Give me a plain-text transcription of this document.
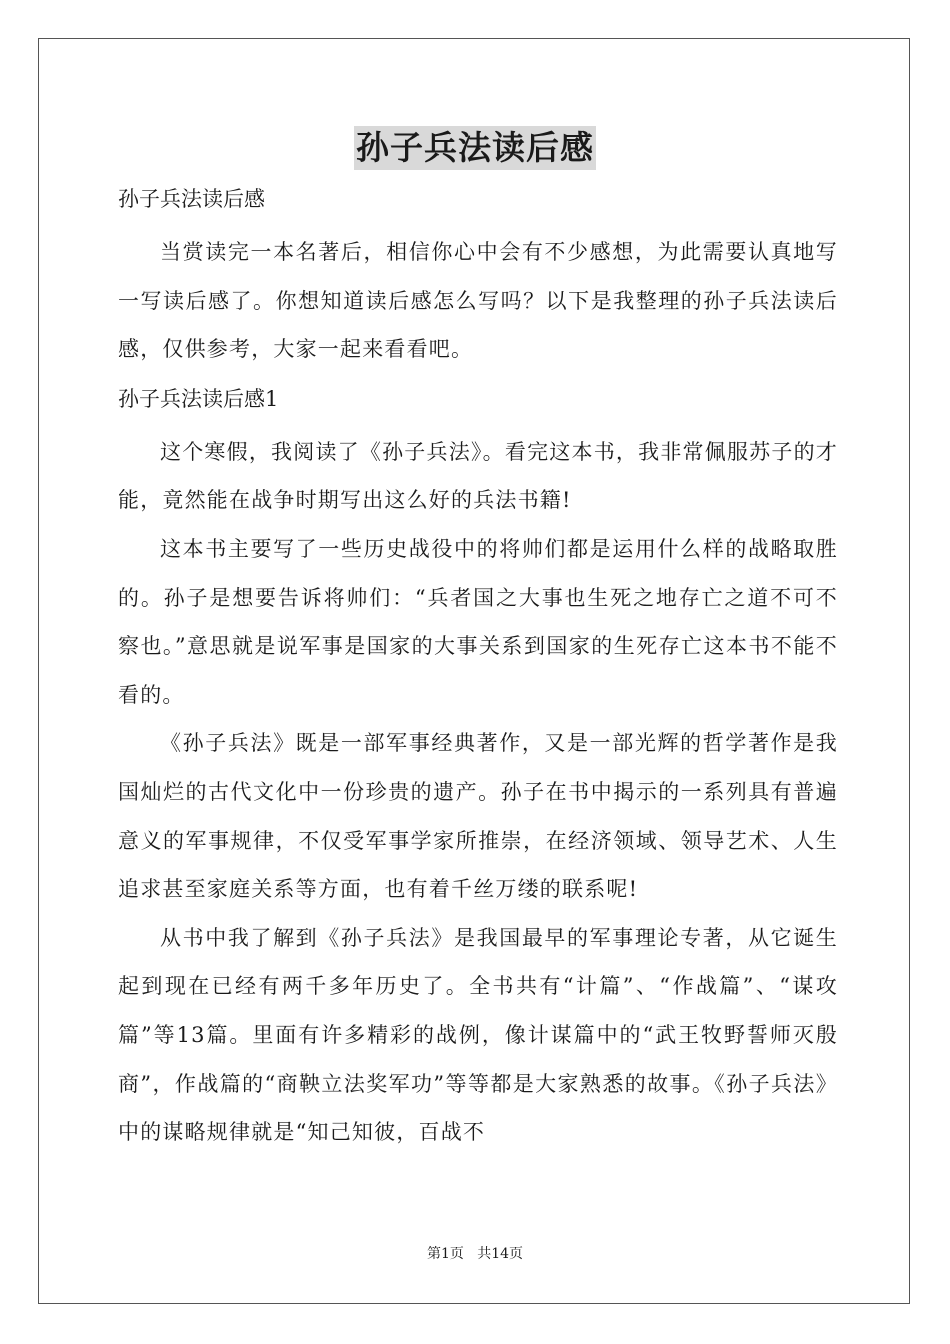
孙子兵法读后感

孙子兵法读后感

当赏读完一本名著后，相信你心中会有不少感想，为此需要认真地写一写读后感了。你想知道读后感怎么写吗？以下是我整理的孙子兵法读后感，仅供参考，大家一起来看看吧。

孙子兵法读后感1

这个寒假，我阅读了《孙子兵法》。看完这本书，我非常佩服苏子的才能，竟然能在战争时期写出这么好的兵法书籍!

这本书主要写了一些历史战役中的将帅们都是运用什么样的战略取胜的。孙子是想要告诉将帅们：“兵者国之大事也生死之地存亡之道不可不察也。”意思就是说军事是国家的大事关系到国家的生死存亡这本书不能不看的。

《孙子兵法》既是一部军事经典著作，又是一部光辉的哲学著作是我国灿烂的古代文化中一份珍贵的遗产。孙子在书中揭示的一系列具有普遍意义的军事规律，不仅受军事学家所推崇，在经济领域、领导艺术、人生追求甚至家庭关系等方面，也有着千丝万缕的联系呢!

从书中我了解到《孙子兵法》是我国最早的军事理论专著，从它诞生起到现在已经有两千多年历史了。全书共有“计篇”、“作战篇”、“谋攻篇”等13篇。里面有许多精彩的战例，像计谋篇中的“武王牧野誓师灭殷商”，作战篇的“商鞅立法奖军功”等等都是大家熟悉的故事。《孙子兵法》中的谋略规律就是“知己知彼，百战不

第1页   共14页
